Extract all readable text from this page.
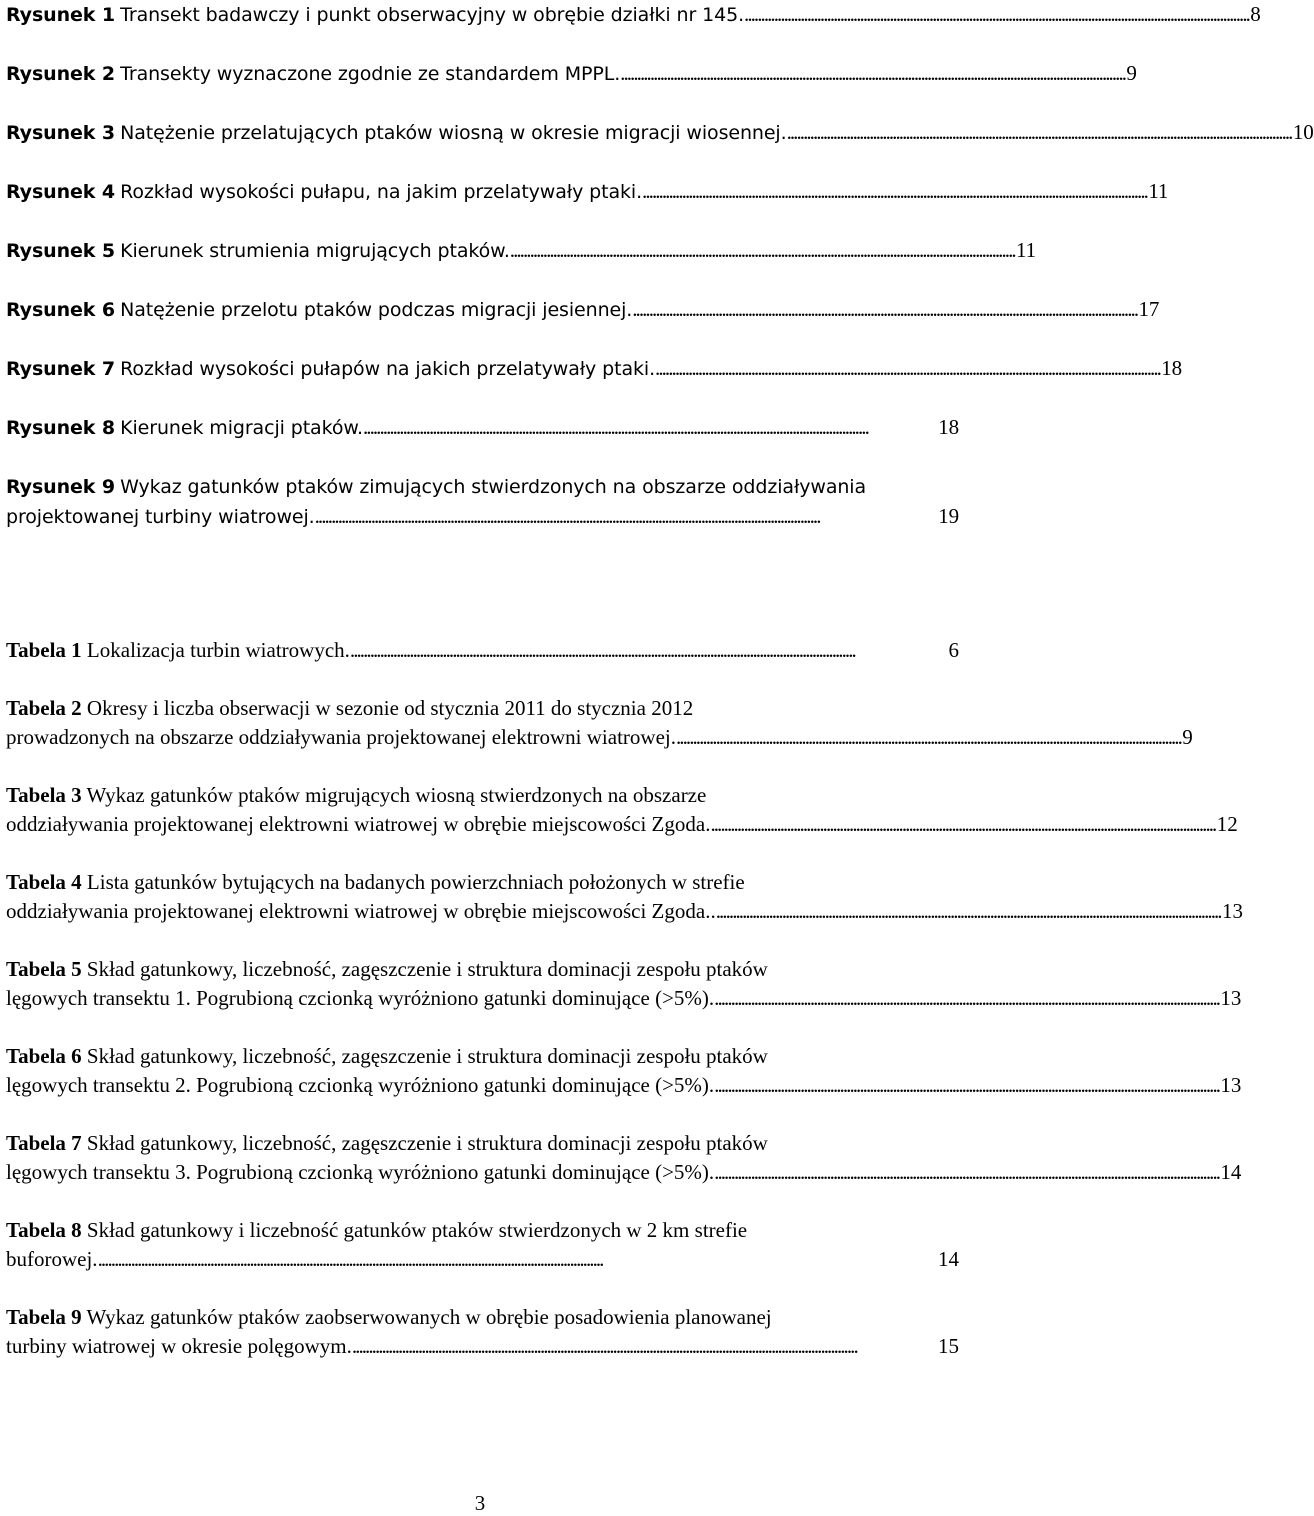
Rysunek 1 Transekt badawczy i punkt obserwacyjny w obrębie działki nr 145. . . .	8
Rysunek 2 Transekty wyznaczone zgodnie ze standardem MPPL. . . .	9
Rysunek 3 Natężenie przelatujących ptaków wiosną w okresie migracji wiosennej. . . .	10
Rysunek 4 Rozkład wysokości pułapu, na jakim przelatywały ptaki. . . .	11
Rysunek 5 Kierunek strumienia migrujących ptaków. . . .	11
Rysunek 6 Natężenie przelotu ptaków podczas migracji jesiennej. . . .	17
Rysunek 7 Rozkład wysokości pułapów na jakich przelatywały ptaki. . . .	18
Rysunek 8 Kierunek migracji ptaków. . . .	18
Rysunek 9 Wykaz gatunków ptaków zimujących stwierdzonych na obszarze oddziaływania
projektowanej turbiny wiatrowej. . . .	19
Tabela 1 Lokalizacja turbin wiatrowych. . . .	6
Tabela 2 Okresy i liczba obserwacji w sezonie od stycznia 2011 do stycznia 2012
prowadzonych na obszarze oddziaływania projektowanej elektrowni wiatrowej. . . .	9
Tabela 3 Wykaz gatunków ptaków migrujących wiosną stwierdzonych na obszarze
oddziaływania projektowanej elektrowni wiatrowej w obrębie miejscowości Zgoda. . . .	12
Tabela 4 Lista gatunków bytujących na badanych powierzchniach położonych w strefie
oddziaływania projektowanej elektrowni wiatrowej w obrębie miejscowości Zgoda.. . . .	13
Tabela 5 Skład gatunkowy, liczebność, zagęszczenie i struktura dominacji zespołu ptaków
lęgowych transektu 1. Pogrubioną czcionką wyróżniono gatunki dominujące (>5%). . . .	13
Tabela 6 Skład gatunkowy, liczebność, zagęszczenie i struktura dominacji zespołu ptaków
lęgowych transektu 2. Pogrubioną czcionką wyróżniono gatunki dominujące (>5%). . . .	13
Tabela 7 Skład gatunkowy, liczebność, zagęszczenie i struktura dominacji zespołu ptaków
lęgowych transektu 3. Pogrubioną czcionką wyróżniono gatunki dominujące (>5%). . . .	14
Tabela 8 Skład gatunkowy i liczebność gatunków ptaków stwierdzonych w 2 km strefie
buforowej. . . .	14
Tabela 9 Wykaz gatunków ptaków zaobserwowanych w obrębie posadowienia planowanej
turbiny wiatrowej w okresie polęgowym. . . .	15
3
